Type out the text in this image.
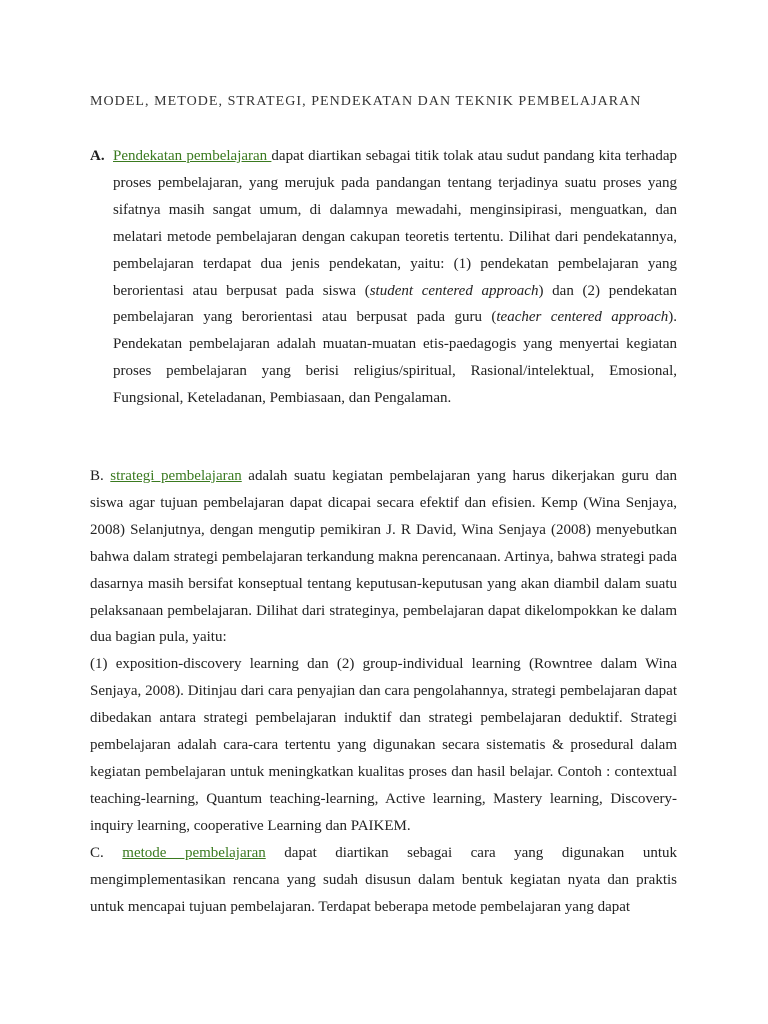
MODEL, METODE, STRATEGI, PENDEKATAN DAN TEKNIK PEMBELAJARAN
A. Pendekatan pembelajaran dapat diartikan sebagai titik tolak atau sudut pandang kita terhadap proses pembelajaran, yang merujuk pada pandangan tentang terjadinya suatu proses yang sifatnya masih sangat umum, di dalamnya mewadahi, menginsipirasi, menguatkan, dan melatari metode pembelajaran dengan cakupan teoretis tertentu. Dilihat dari pendekatannya, pembelajaran terdapat dua jenis pendekatan, yaitu: (1) pendekatan pembelajaran yang berorientasi atau berpusat pada siswa (student centered approach) dan (2) pendekatan pembelajaran yang berorientasi atau berpusat pada guru (teacher centered approach). Pendekatan pembelajaran adalah muatan-muatan etis-paedagogis yang menyertai kegiatan proses pembelajaran yang berisi religius/spiritual, Rasional/intelektual, Emosional, Fungsional, Keteladanan, Pembiasaan, dan Pengalaman.

B. strategi pembelajaran adalah suatu kegiatan pembelajaran yang harus dikerjakan guru dan siswa agar tujuan pembelajaran dapat dicapai secara efektif dan efisien. Kemp (Wina Senjaya, 2008) Selanjutnya, dengan mengutip pemikiran J. R David, Wina Senjaya (2008) menyebutkan bahwa dalam strategi pembelajaran terkandung makna perencanaan. Artinya, bahwa strategi pada dasarnya masih bersifat konseptual tentang keputusan-keputusan yang akan diambil dalam suatu pelaksanaan pembelajaran. Dilihat dari strateginya, pembelajaran dapat dikelompokkan ke dalam dua bagian pula, yaitu:

(1) exposition-discovery learning dan (2) group-individual learning (Rowntree dalam Wina Senjaya, 2008). Ditinjau dari cara penyajian dan cara pengolahannya, strategi pembelajaran dapat dibedakan antara strategi pembelajaran induktif dan strategi pembelajaran deduktif. Strategi pembelajaran adalah cara-cara tertentu yang digunakan secara sistematis & prosedural dalam kegiatan pembelajaran untuk meningkatkan kualitas proses dan hasil belajar. Contoh : contextual teaching-learning, Quantum teaching-learning, Active learning, Mastery learning, Discovery-inquiry learning, cooperative Learning dan PAIKEM.

C. metode pembelajaran dapat diartikan sebagai cara yang digunakan untuk mengimplementasikan rencana yang sudah disusun dalam bentuk kegiatan nyata dan praktis untuk mencapai tujuan pembelajaran. Terdapat beberapa metode pembelajaran yang dapat
